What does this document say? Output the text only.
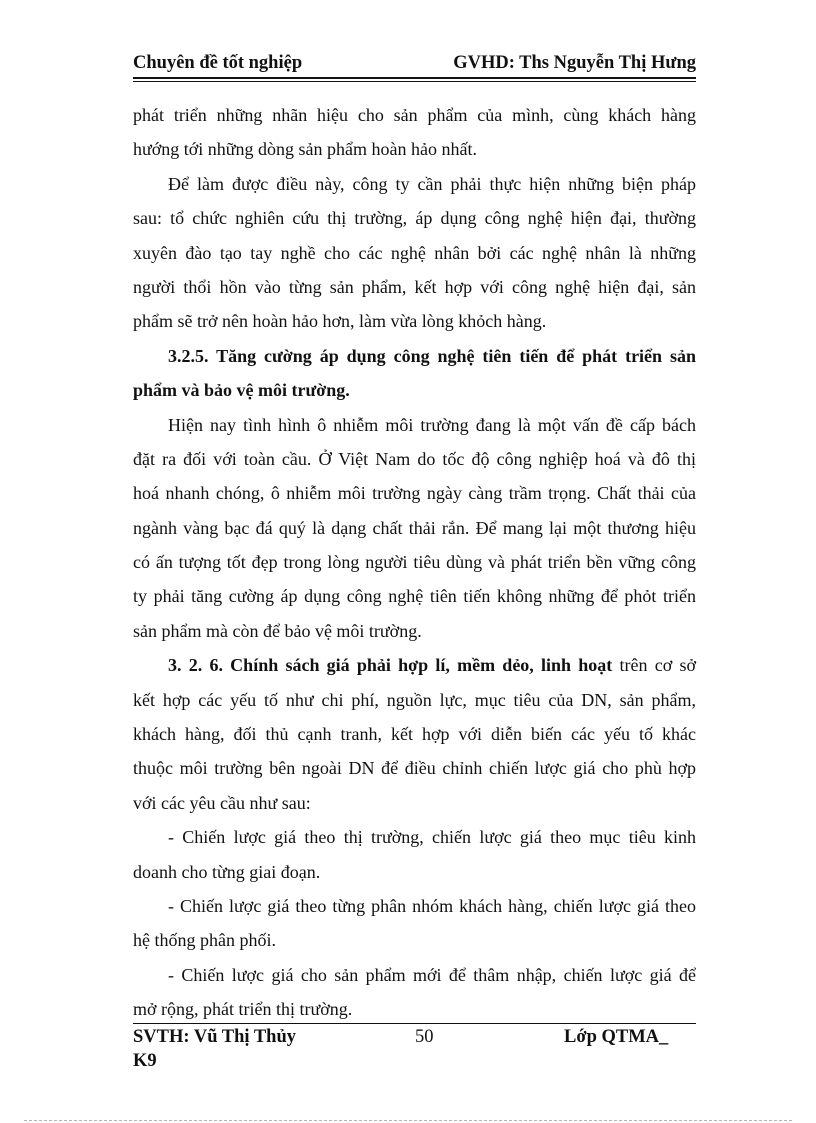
Chuyên đề tốt nghiệp	GVHD: Ths Nguyễn Thị Hưng
phát triển những nhãn hiệu cho sản phẩm của mình, cùng khách hàng
hướng tới những dòng sản phẩm hoàn hảo nhất.
Để làm được điều này, công ty cần phải thực hiện những biện pháp
sau: tổ chức nghiên cứu thị trường, áp dụng công nghệ hiện đại, thường
xuyên đào tạo tay nghề cho các nghệ nhân bởi các nghệ nhân là những
người thổi hồn vào từng sản phẩm, kết hợp với công nghệ hiện đại, sản
phẩm sẽ trở nên hoàn hảo hơn, làm vừa lòng khỏch hàng.
3.2.5. Tăng cường áp dụng công nghệ tiên tiến để phát triển sản
phẩm và bảo vệ môi trường.
Hiện nay tình hình ô nhiễm môi trường đang là một vấn đề cấp bách
đặt ra đối với toàn cầu. Ở Việt Nam do tốc độ công nghiệp hoá và đô thị
hoá nhanh chóng, ô nhiễm môi trường ngày càng trầm trọng. Chất thải của
ngành vàng bạc đá quý là dạng chất thải rắn. Để mang lại một thương hiệu
có ấn tượng tốt đẹp trong lòng người tiêu dùng và phát triển bền vững công
ty phải tăng cường áp dụng công nghệ tiên tiến không những để phỏt triển
sản phẩm mà còn để bảo vệ môi trường.
3. 2. 6. Chính sách giá phải hợp lí, mềm dẻo, linh hoạt trên cơ sở
kết hợp các yếu tố như chi phí, nguồn lực, mục tiêu của DN, sản phẩm,
khách hàng, đối thủ cạnh tranh, kết hợp với diễn biến các yếu tố khác
thuộc môi trường bên ngoài DN để điều chỉnh chiến lược giá cho phù hợp
với các yêu cầu như sau:
- Chiến lược giá theo thị trường, chiến lược giá theo mục tiêu kinh
doanh cho từng giai đoạn.
- Chiến lược giá theo từng phân nhóm khách hàng, chiến lược giá theo
hệ thống phân phối.
- Chiến lược giá cho sản phẩm mới để thâm nhập, chiến lược giá để
mở rộng, phát triển thị trường.
SVTH: Vũ Thị Thủy	50	Lớp QTMA_
K9
